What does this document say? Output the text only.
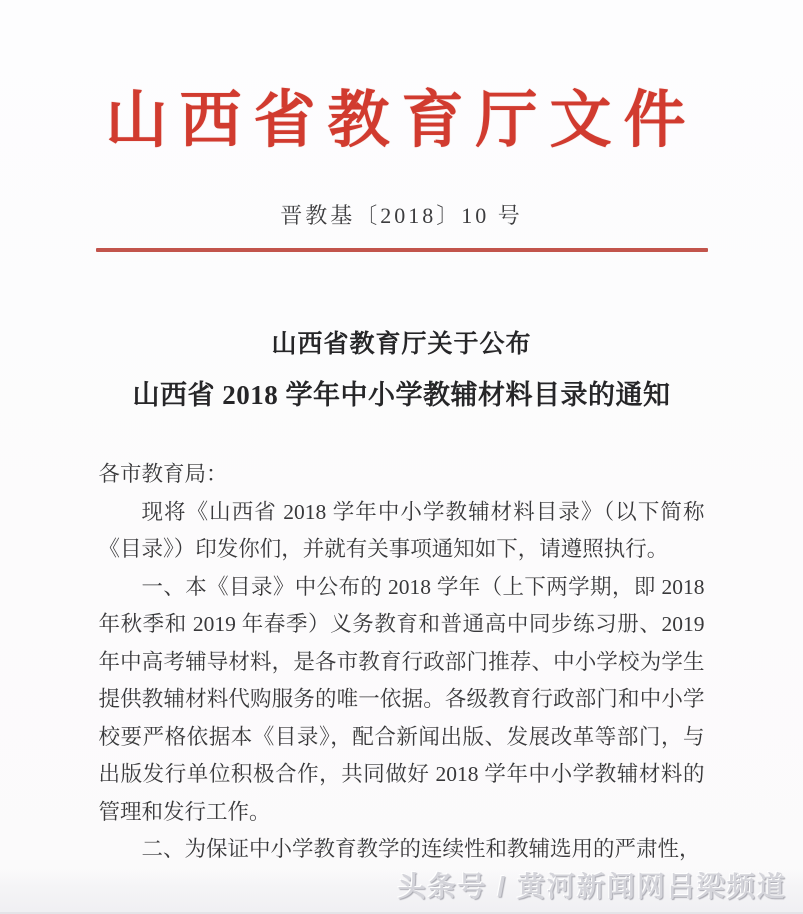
山西省教育厅文件
晋教基〔2018〕10 号
山西省教育厅关于公布
山西省 2018 学年中小学教辅材料目录的通知

各市教育局：

现将《山西省 2018 学年中小学教辅材料目录》（以下简称《目录》）印发你们，并就有关事项通知如下，请遵照执行。

一、本《目录》中公布的 2018 学年（上下两学期，即 2018 年秋季和 2019 年春季）义务教育和普通高中同步练习册、2019 年中高考辅导材料，是各市教育行政部门推荐、中小学校为学生提供教辅材料代购服务的唯一依据。各级教育行政部门和中小学校要严格依据本《目录》，配合新闻出版、发展改革等部门，与出版发行单位积极合作，共同做好 2018 学年中小学教辅材料的管理和发行工作。

二、为保证中小学教育教学的连续性和教辅选用的严肃性，

头条号 / 黄河新闻网吕梁频道
